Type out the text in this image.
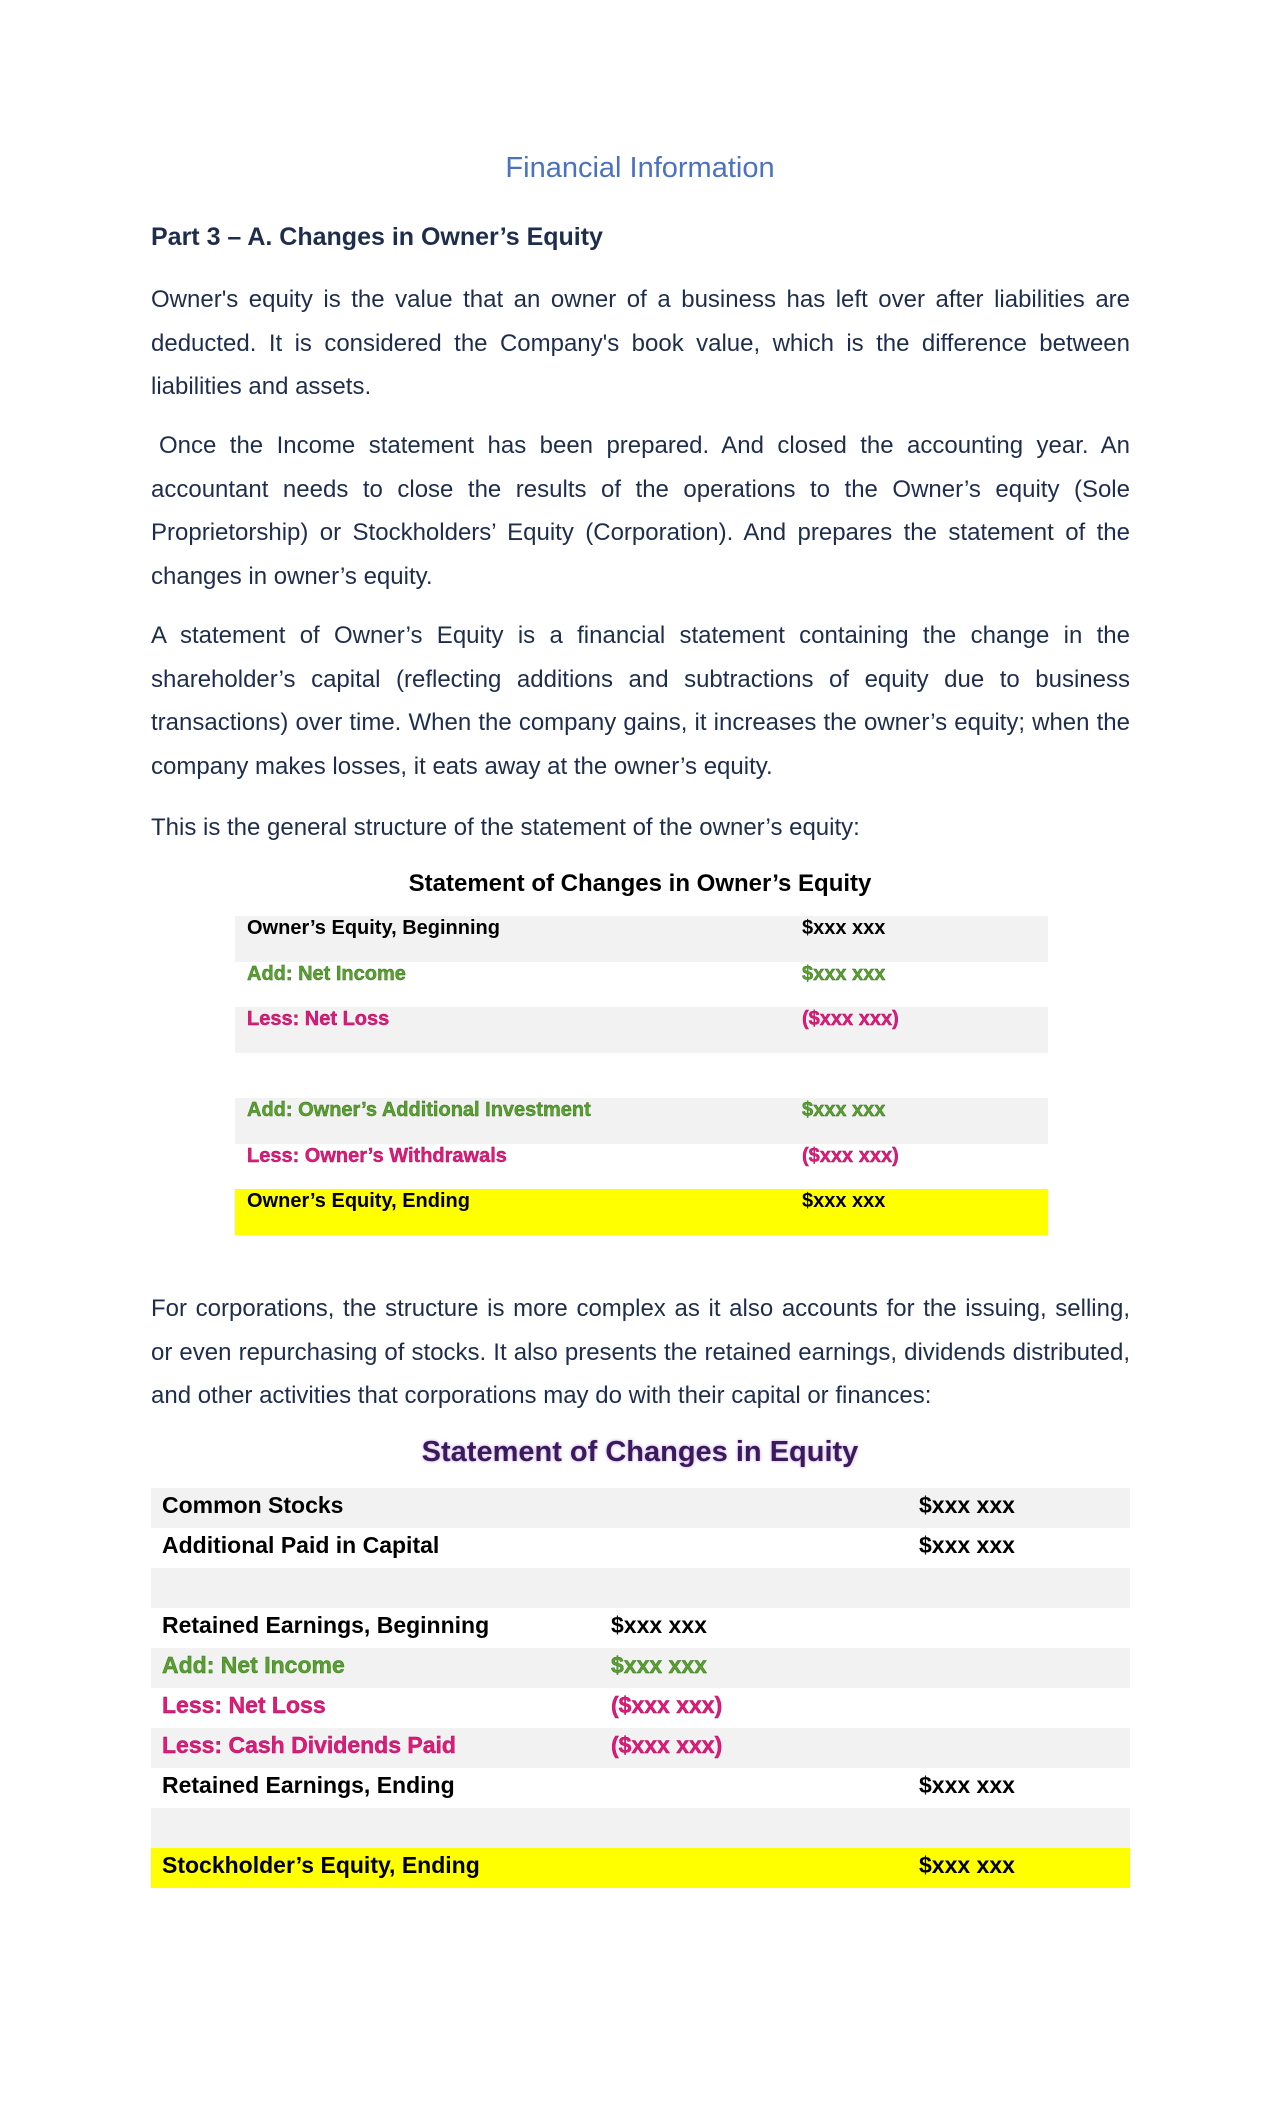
Financial Information
Part 3 – A. Changes in Owner’s Equity

Owner's equity is the value that an owner of a business has left over after liabilities are deducted. It is considered the Company's book value, which is the difference between liabilities and assets.

Once the Income statement has been prepared. And closed the accounting year. An accountant needs to close the results of the operations to the Owner’s equity (Sole Proprietorship) or Stockholders’ Equity (Corporation). And prepares the statement of the changes in owner’s equity.

A statement of Owner’s Equity is a financial statement containing the change in the shareholder’s capital (reflecting additions and subtractions of equity due to business transactions) over time. When the company gains, it increases the owner’s equity; when the company makes losses, it eats away at the owner’s equity.

This is the general structure of the statement of the owner’s equity:

Statement of Changes in Owner’s Equity
Owner’s Equity, Beginning	$xxx xxx
Add: Net Income	$xxx xxx
Less: Net Loss	($xxx xxx)
Add: Owner’s Additional Investment	$xxx xxx
Less: Owner’s Withdrawals	($xxx xxx)
Owner’s Equity, Ending	$xxx xxx

For corporations, the structure is more complex as it also accounts for the issuing, selling, or even repurchasing of stocks. It also presents the retained earnings, dividends distributed, and other activities that corporations may do with their capital or finances:

Statement of Changes in Equity
Common Stocks	$xxx xxx
Additional Paid in Capital	$xxx xxx
Retained Earnings, Beginning	$xxx xxx
Add: Net Income	$xxx xxx
Less: Net Loss	($xxx xxx)
Less: Cash Dividends Paid	($xxx xxx)
Retained Earnings, Ending	$xxx xxx
Stockholder’s Equity, Ending	$xxx xxx
